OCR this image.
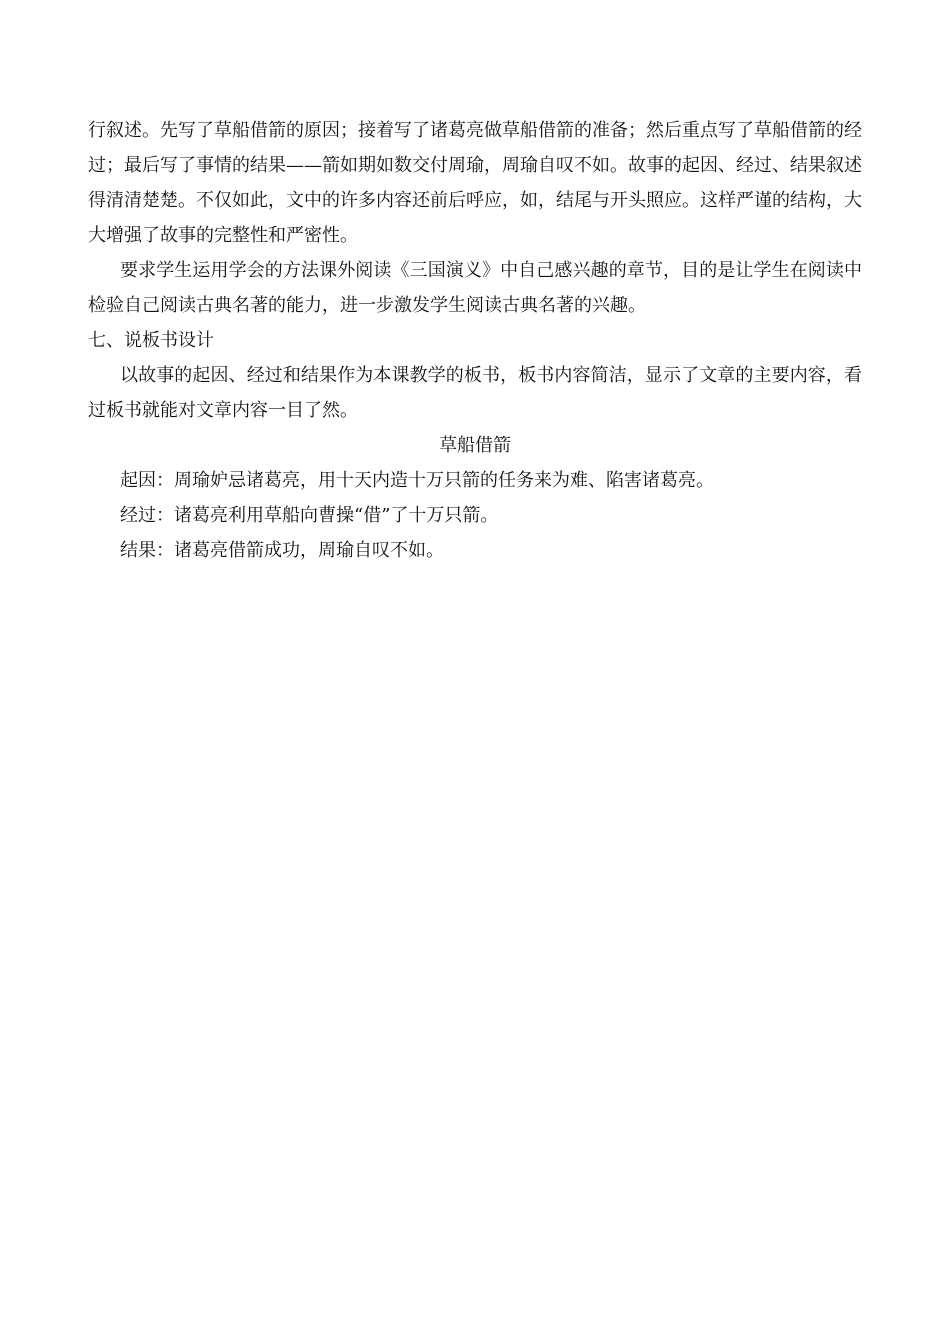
行叙述。先写了草船借箭的原因；接着写了诸葛亮做草船借箭的准备；然后重点写了草船借箭的经过；最后写了事情的结果——箭如期如数交付周瑜，周瑜自叹不如。故事的起因、经过、结果叙述得清清楚楚。不仅如此，文中的许多内容还前后呼应，如，结尾与开头照应。这样严谨的结构，大大增强了故事的完整性和严密性。

要求学生运用学会的方法课外阅读《三国演义》中自己感兴趣的章节，目的是让学生在阅读中检验自己阅读古典名著的能力，进一步激发学生阅读古典名著的兴趣。

七、说板书设计

以故事的起因、经过和结果作为本课教学的板书，板书内容简洁，显示了文章的主要内容，看过板书就能对文章内容一目了然。

草船借箭

起因：周瑜妒忌诸葛亮，用十天内造十万只箭的任务来为难、陷害诸葛亮。

经过：诸葛亮利用草船向曹操“借”了十万只箭。

结果：诸葛亮借箭成功，周瑜自叹不如。
